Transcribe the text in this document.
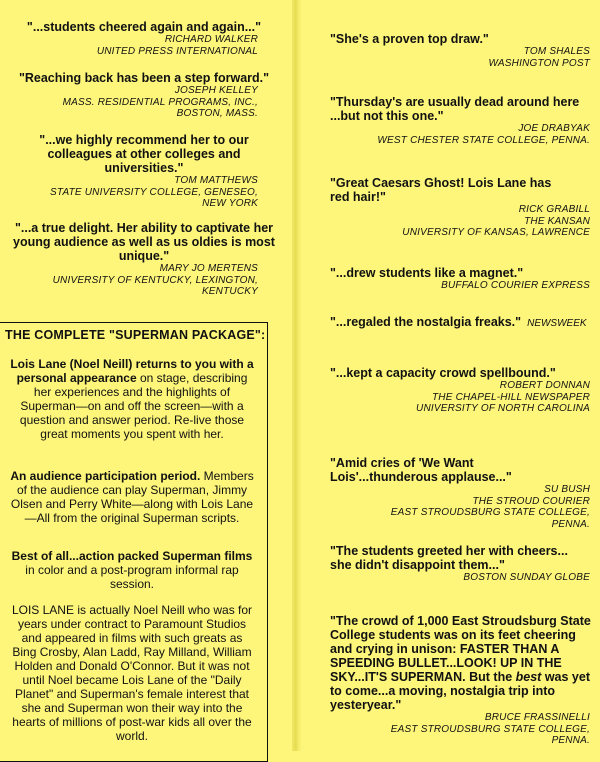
"...students cheered again and again..."

RICHARD WALKER
UNITED PRESS INTERNATIONAL

"Reaching back has been a step forward."

JOSEPH KELLEY
MASS. RESIDENTIAL PROGRAMS, INC.,
BOSTON, MASS.

"...we highly recommend her to our colleagues at other colleges and universities."

TOM MATTHEWS
STATE UNIVERSITY COLLEGE, GENESEO,
NEW YORK

"...a true delight. Her ability to captivate her young audience as well as us oldies is most unique."

MARY JO MERTENS
UNIVERSITY OF KENTUCKY, LEXINGTON,
KENTUCKY

THE COMPLETE "SUPERMAN PACKAGE":

Lois Lane (Noel Neill) returns to you with a personal appearance on stage, describing her experiences and the highlights of Superman—on and off the screen—with a question and answer period. Re-live those great moments you spent with her.

An audience participation period. Members of the audience can play Superman, Jimmy Olsen and Perry White—along with Lois Lane—All from the original Superman scripts.

Best of all...action packed Superman films in color and a post-program informal rap session.

LOIS LANE is actually Noel Neill who was for years under contract to Paramount Studios and appeared in films with such greats as Bing Crosby, Alan Ladd, Ray Milland, William Holden and Donald O'Connor. But it was not until Noel became Lois Lane of the "Daily Planet" and Superman's female interest that she and Superman won their way into the hearts of millions of post-war kids all over the world.

"She's a proven top draw."

TOM SHALES
WASHINGTON POST

"Thursday's are usually dead around here ...but not this one."

JOE DRABYAK
WEST CHESTER STATE COLLEGE, PENNA.

"Great Caesars Ghost! Lois Lane has red hair!"

RICK GRABILL
THE KANSAN
UNIVERSITY OF KANSAS, LAWRENCE

"...drew students like a magnet."

BUFFALO COURIER EXPRESS

"...regaled the nostalgia freaks." NEWSWEEK

"...kept a capacity crowd spellbound."

ROBERT DONNAN
THE CHAPEL-HILL NEWSPAPER
UNIVERSITY OF NORTH CAROLINA

"Amid cries of 'We Want Lois'...thunderous applause..."

SU BUSH
THE STROUD COURIER
EAST STROUDSBURG STATE COLLEGE,
PENNA.

"The students greeted her with cheers... she didn't disappoint them..."

BOSTON SUNDAY GLOBE

"The crowd of 1,000 East Stroudsburg State College students was on its feet cheering and crying in unison: FASTER THAN A SPEEDING BULLET...LOOK! UP IN THE SKY...IT'S SUPERMAN. But the best was yet to come...a moving, nostalgia trip into yesteryear."

BRUCE FRASSINELLI
EAST STROUDSBURG STATE COLLEGE,
PENNA.
